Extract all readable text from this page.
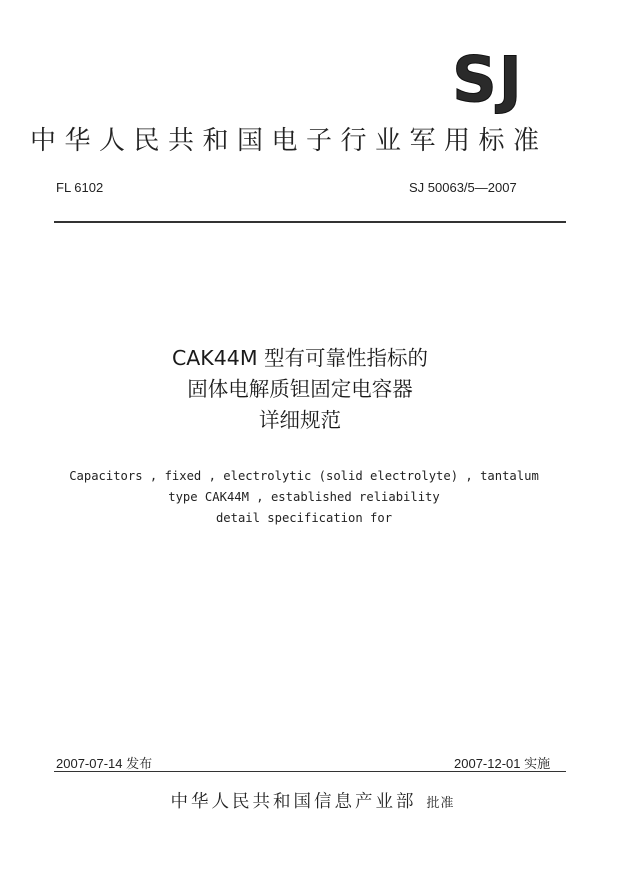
SJ
中华人民共和国电子行业军用标准
FL 6102	SJ 50063/5—2007
CAK44M 型有可靠性指标的
固体电解质钽固定电容器
详细规范
Capacitors , fixed , electrolytic (solid electrolyte) , tantalum
type CAK44M , established reliability
detail specification for
2007-07-14 发布	2007-12-01 实施
中华人民共和国信息产业部 批准
